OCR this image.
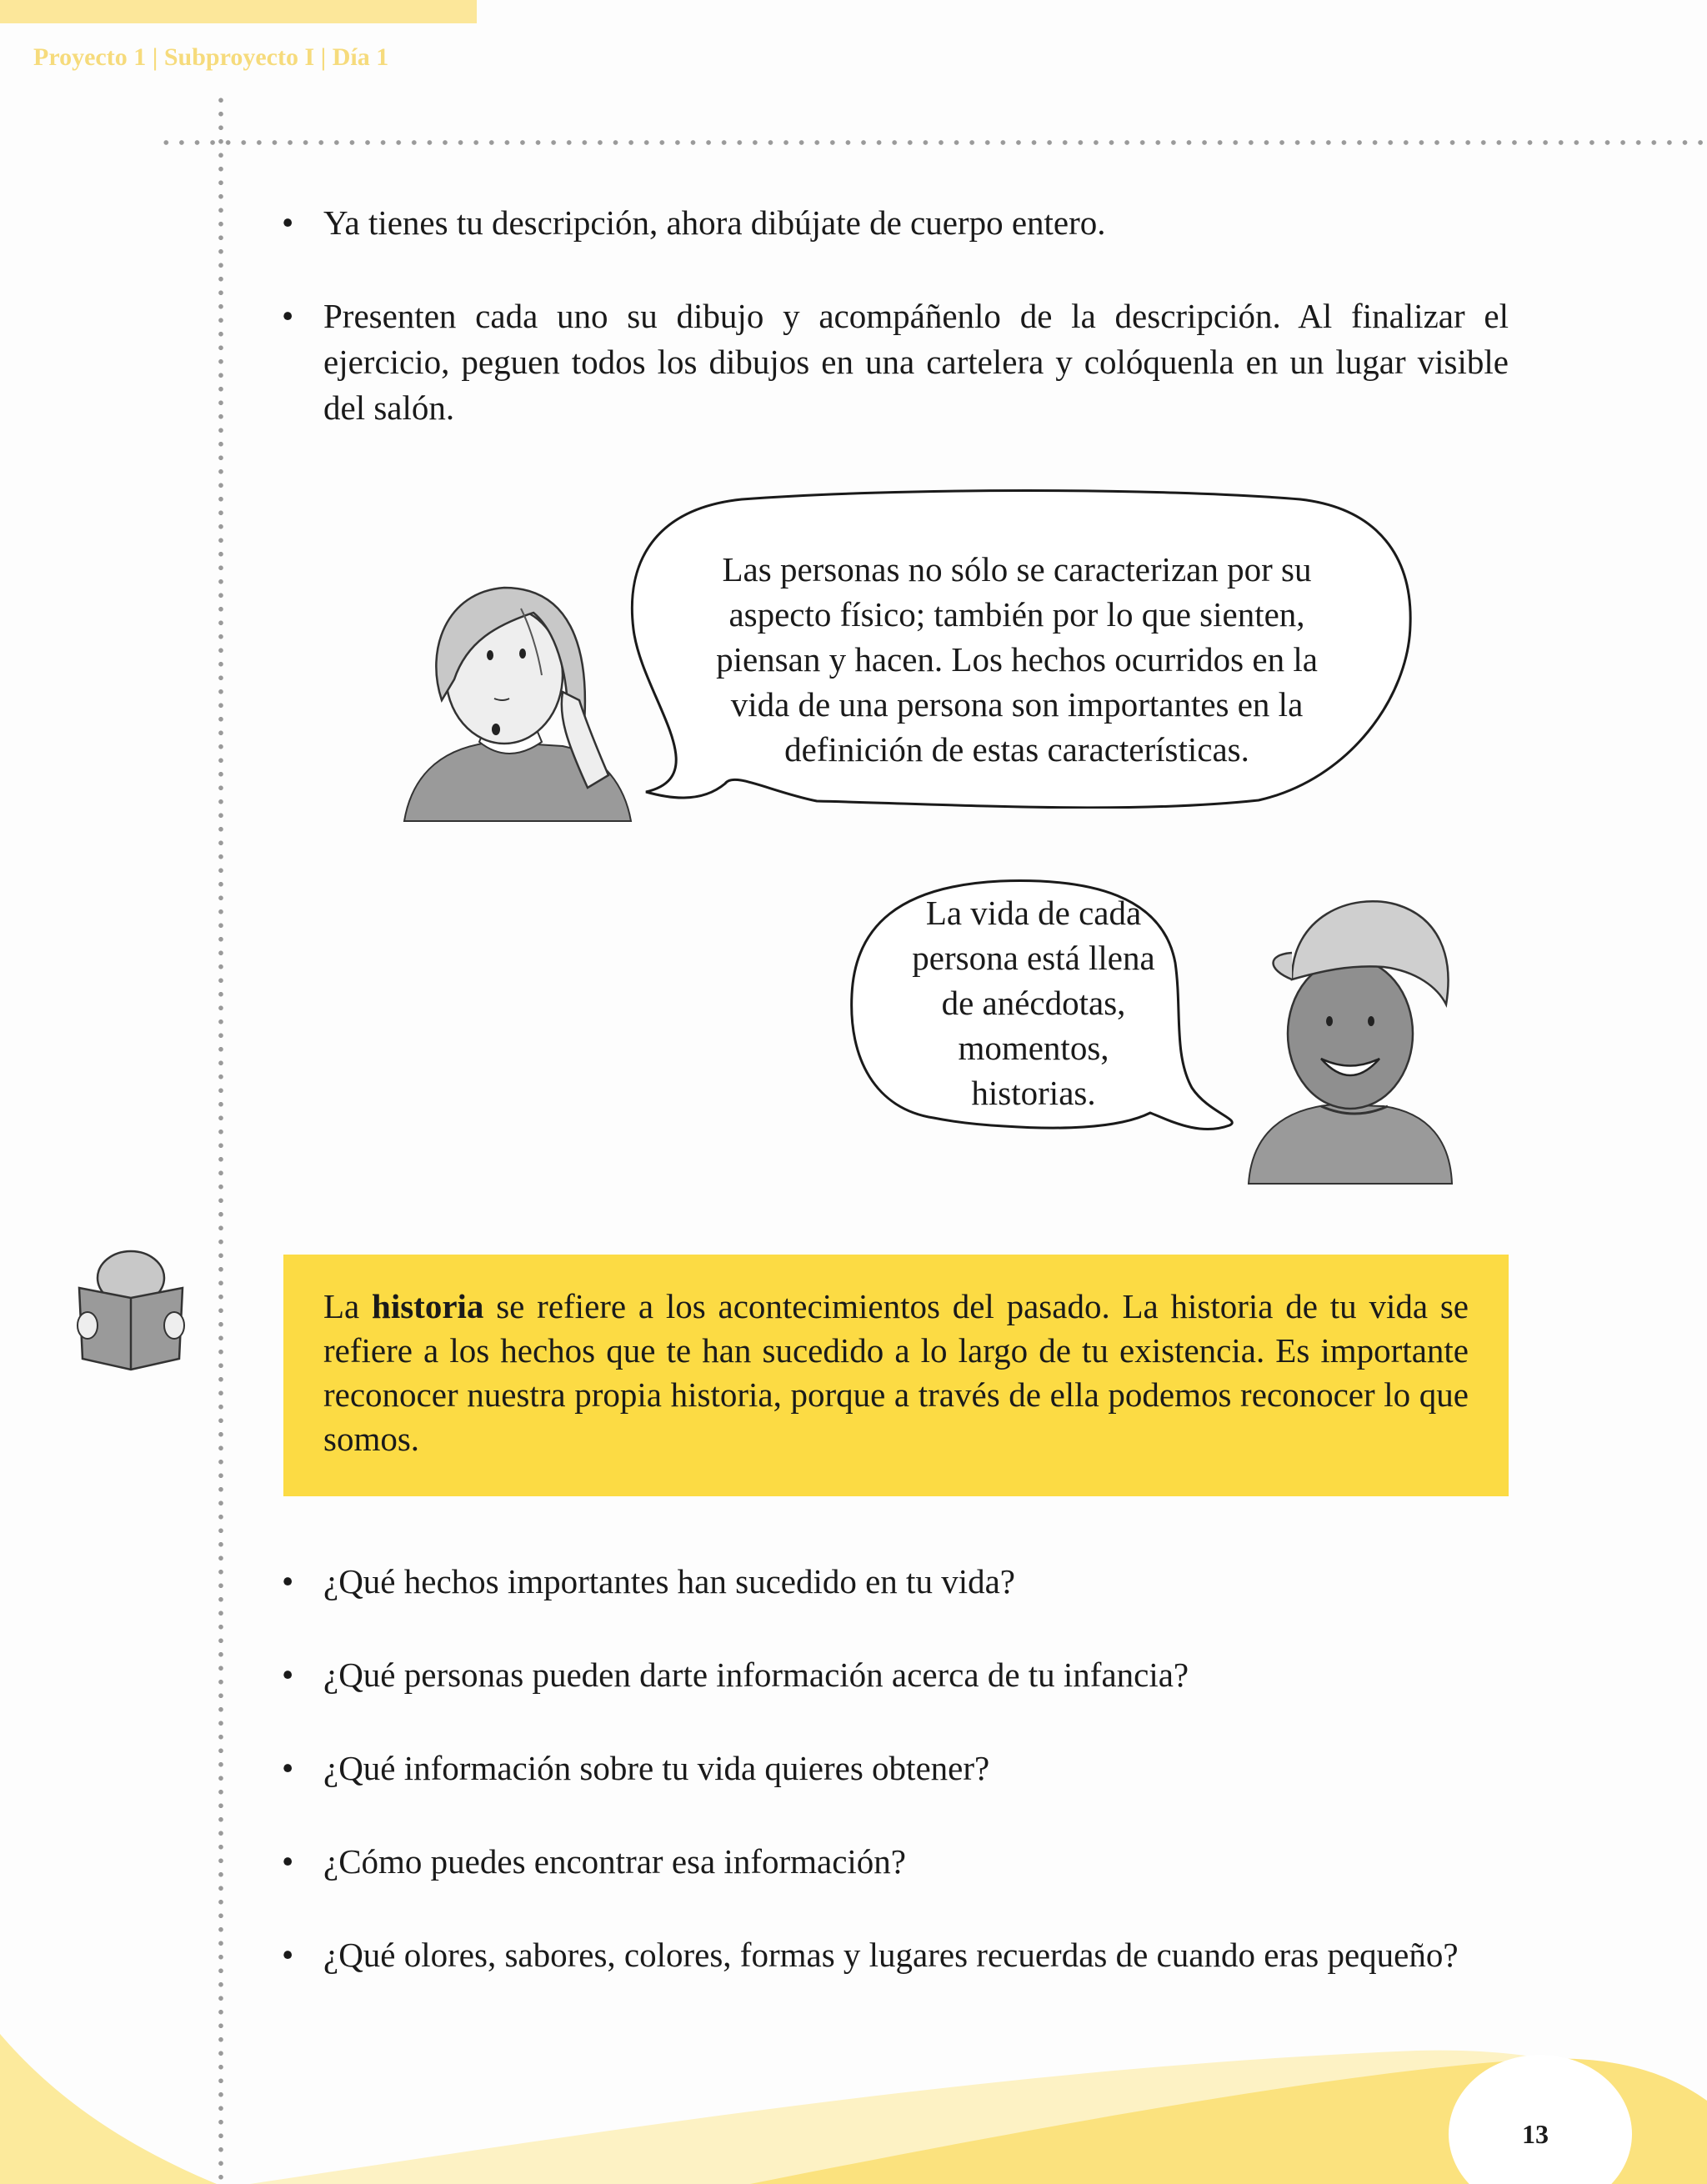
Proyecto 1 | Subproyecto I | Día 1
• Ya tienes tu descripción, ahora dibújate de cuerpo entero.
• Presenten cada uno su dibujo y acompáñenlo de la descripción. Al finalizar el ejercicio, peguen todos los dibujos en una cartelera y colóquenla en un lugar visible del salón.
Las personas no sólo se caracterizan por su
aspecto físico; también por lo que sienten,
piensan y hacen. Los hechos ocurridos en la
vida de una persona son importantes en la
definición de estas características.
La vida de cada
persona está llena
de anécdotas,
momentos,
historias.
La historia se refiere a los acontecimientos del pasado. La historia de tu vida se refiere a los hechos que te han sucedido a lo largo de tu existencia. Es importante reconocer nuestra propia historia, porque a través de ella podemos reconocer lo que somos.
• ¿Qué hechos importantes han sucedido en tu vida?
• ¿Qué personas pueden darte información acerca de tu infancia?
• ¿Qué información sobre tu vida quieres obtener?
• ¿Cómo puedes encontrar esa información?
• ¿Qué olores, sabores, colores, formas y lugares recuerdas de cuando eras pequeño?
13
